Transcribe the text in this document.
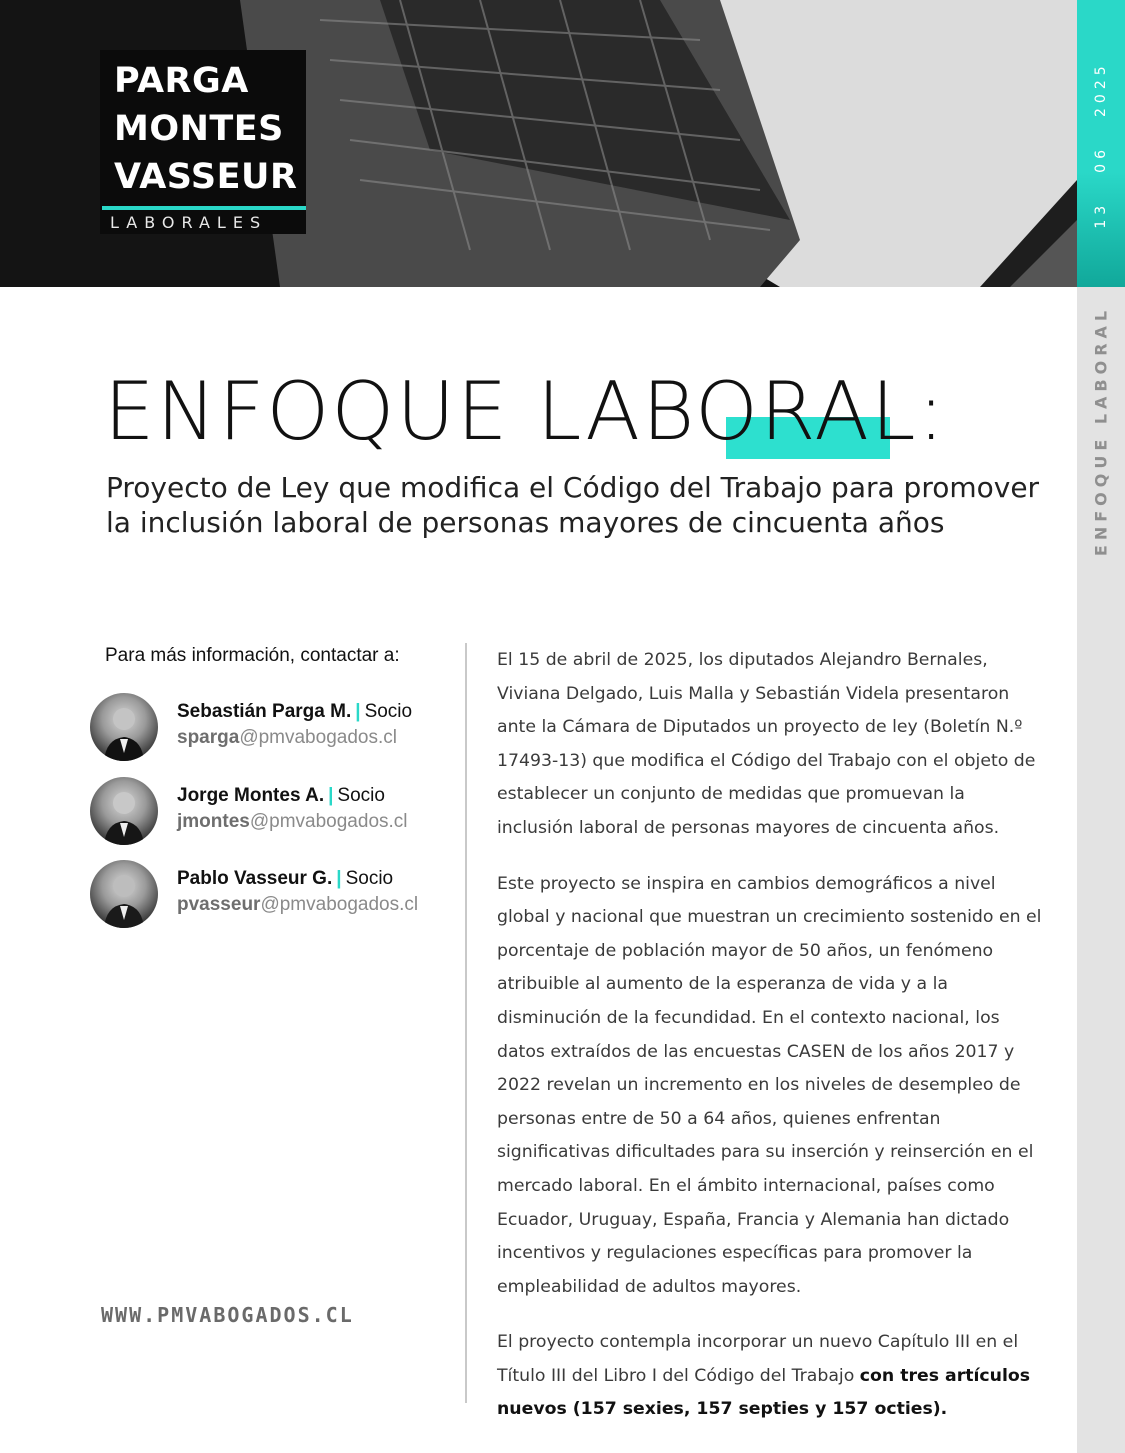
PARGA
MONTES
VASSEUR
LABORALES	13062025
ENFOQUE LABORAL
ENFOQUE LABORAL:
Proyecto de Ley que modifica el Código del Trabajo para promover la inclusión laboral de personas mayores de cincuenta años
Para más información, contactar a:
Sebastián Parga M. | Socio
sparga@pmvabogados.cl
Jorge Montes A. | Socio
jmontes@pmvabogados.cl
Pablo Vasseur G. | Socio
pvasseur@pmvabogados.cl
WWW.PMVABOGADOS.CL

El 15 de abril de 2025, los diputados Alejandro Bernales, Viviana Delgado, Luis Malla y Sebastián Videla presentaron ante la Cámara de Diputados un proyecto de ley (Boletín N.º 17493-13) que modifica el Código del Trabajo con el objeto de establecer un conjunto de medidas que promuevan la inclusión laboral de personas mayores de cincuenta años.

Este proyecto se inspira en cambios demográficos a nivel global y nacional que muestran un crecimiento sostenido en el porcentaje de población mayor de 50 años, un fenómeno atribuible al aumento de la esperanza de vida y a la disminución de la fecundidad. En el contexto nacional, los datos extraídos de las encuestas CASEN de los años 2017 y 2022 revelan un incremento en los niveles de desempleo de personas entre de 50 a 64 años, quienes enfrentan significativas dificultades para su inserción y reinserción en el mercado laboral. En el ámbito internacional, países como Ecuador, Uruguay, España, Francia y Alemania han dictado incentivos y regulaciones específicas para promover la empleabilidad de adultos mayores.

El proyecto contempla incorporar un nuevo Capítulo III en el Título III del Libro I del Código del Trabajo con tres artículos nuevos (157 sexies, 157 septies y 157 octies).
